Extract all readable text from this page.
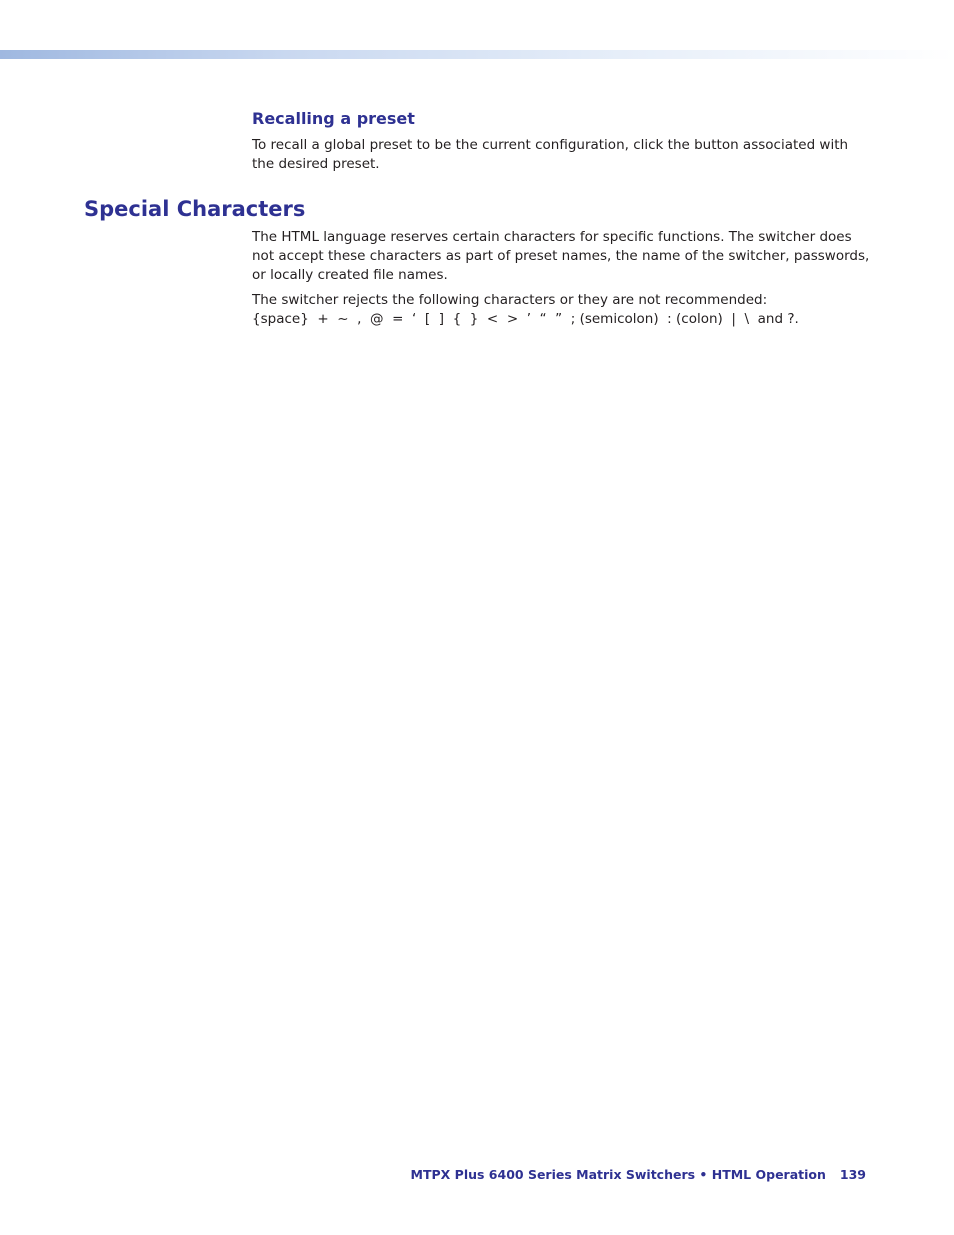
Recalling a preset

To recall a global preset to be the current configuration, click the button associated with the desired preset.

Special Characters

The HTML language reserves certain characters for specific functions. The switcher does not accept these characters as part of preset names, the name of the switcher, passwords, or locally created file names.

The switcher rejects the following characters or they are not recommended:
{space}  +  ~  ,  @  =  ‘  [  ]  {  }  <  >  ’  “  ”  ; (semicolon)  : (colon)  |  \  and ?.

MTPX Plus 6400 Series Matrix Switchers • HTML Operation 139
